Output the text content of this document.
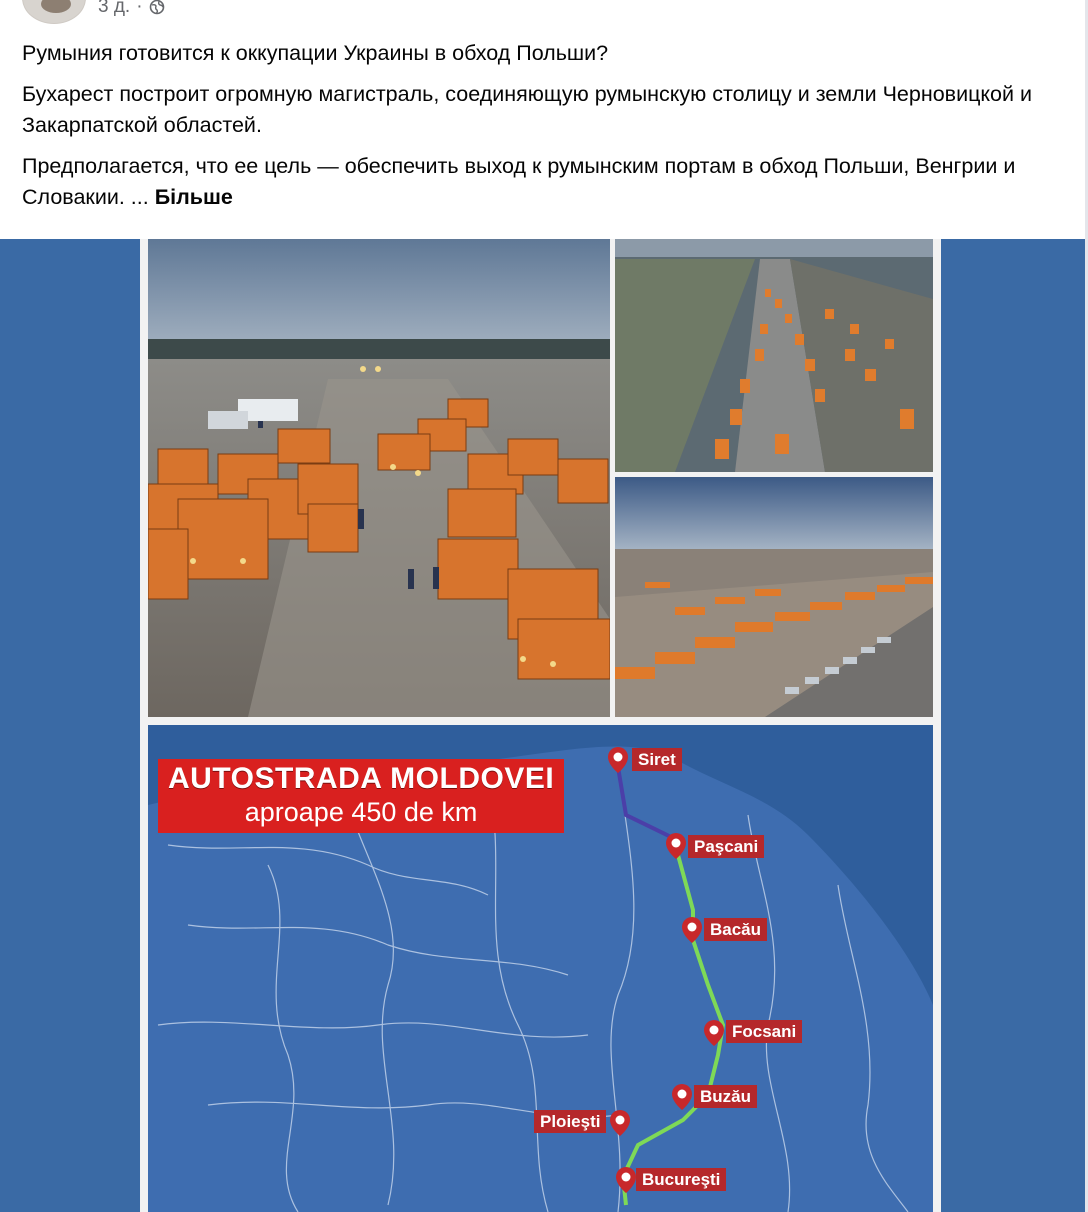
3 д. ·

Румыния готовится к оккупации Украины в обход Польши?

Бухарест построит огромную магистраль, соединяющую румынскую столицу и земли Черновицкой и Закарпатской областей.

Предполагается, что ее цель — обеспечить выход к румынским портам в обход Польши, Венгрии и Словакии. ... Більше

AUTOSTRADA MOLDOVEI
aproape 450 de km
Siret
Paşcani
Bacău
Focsani
Buzău
Ploieşti
Bucureşti
